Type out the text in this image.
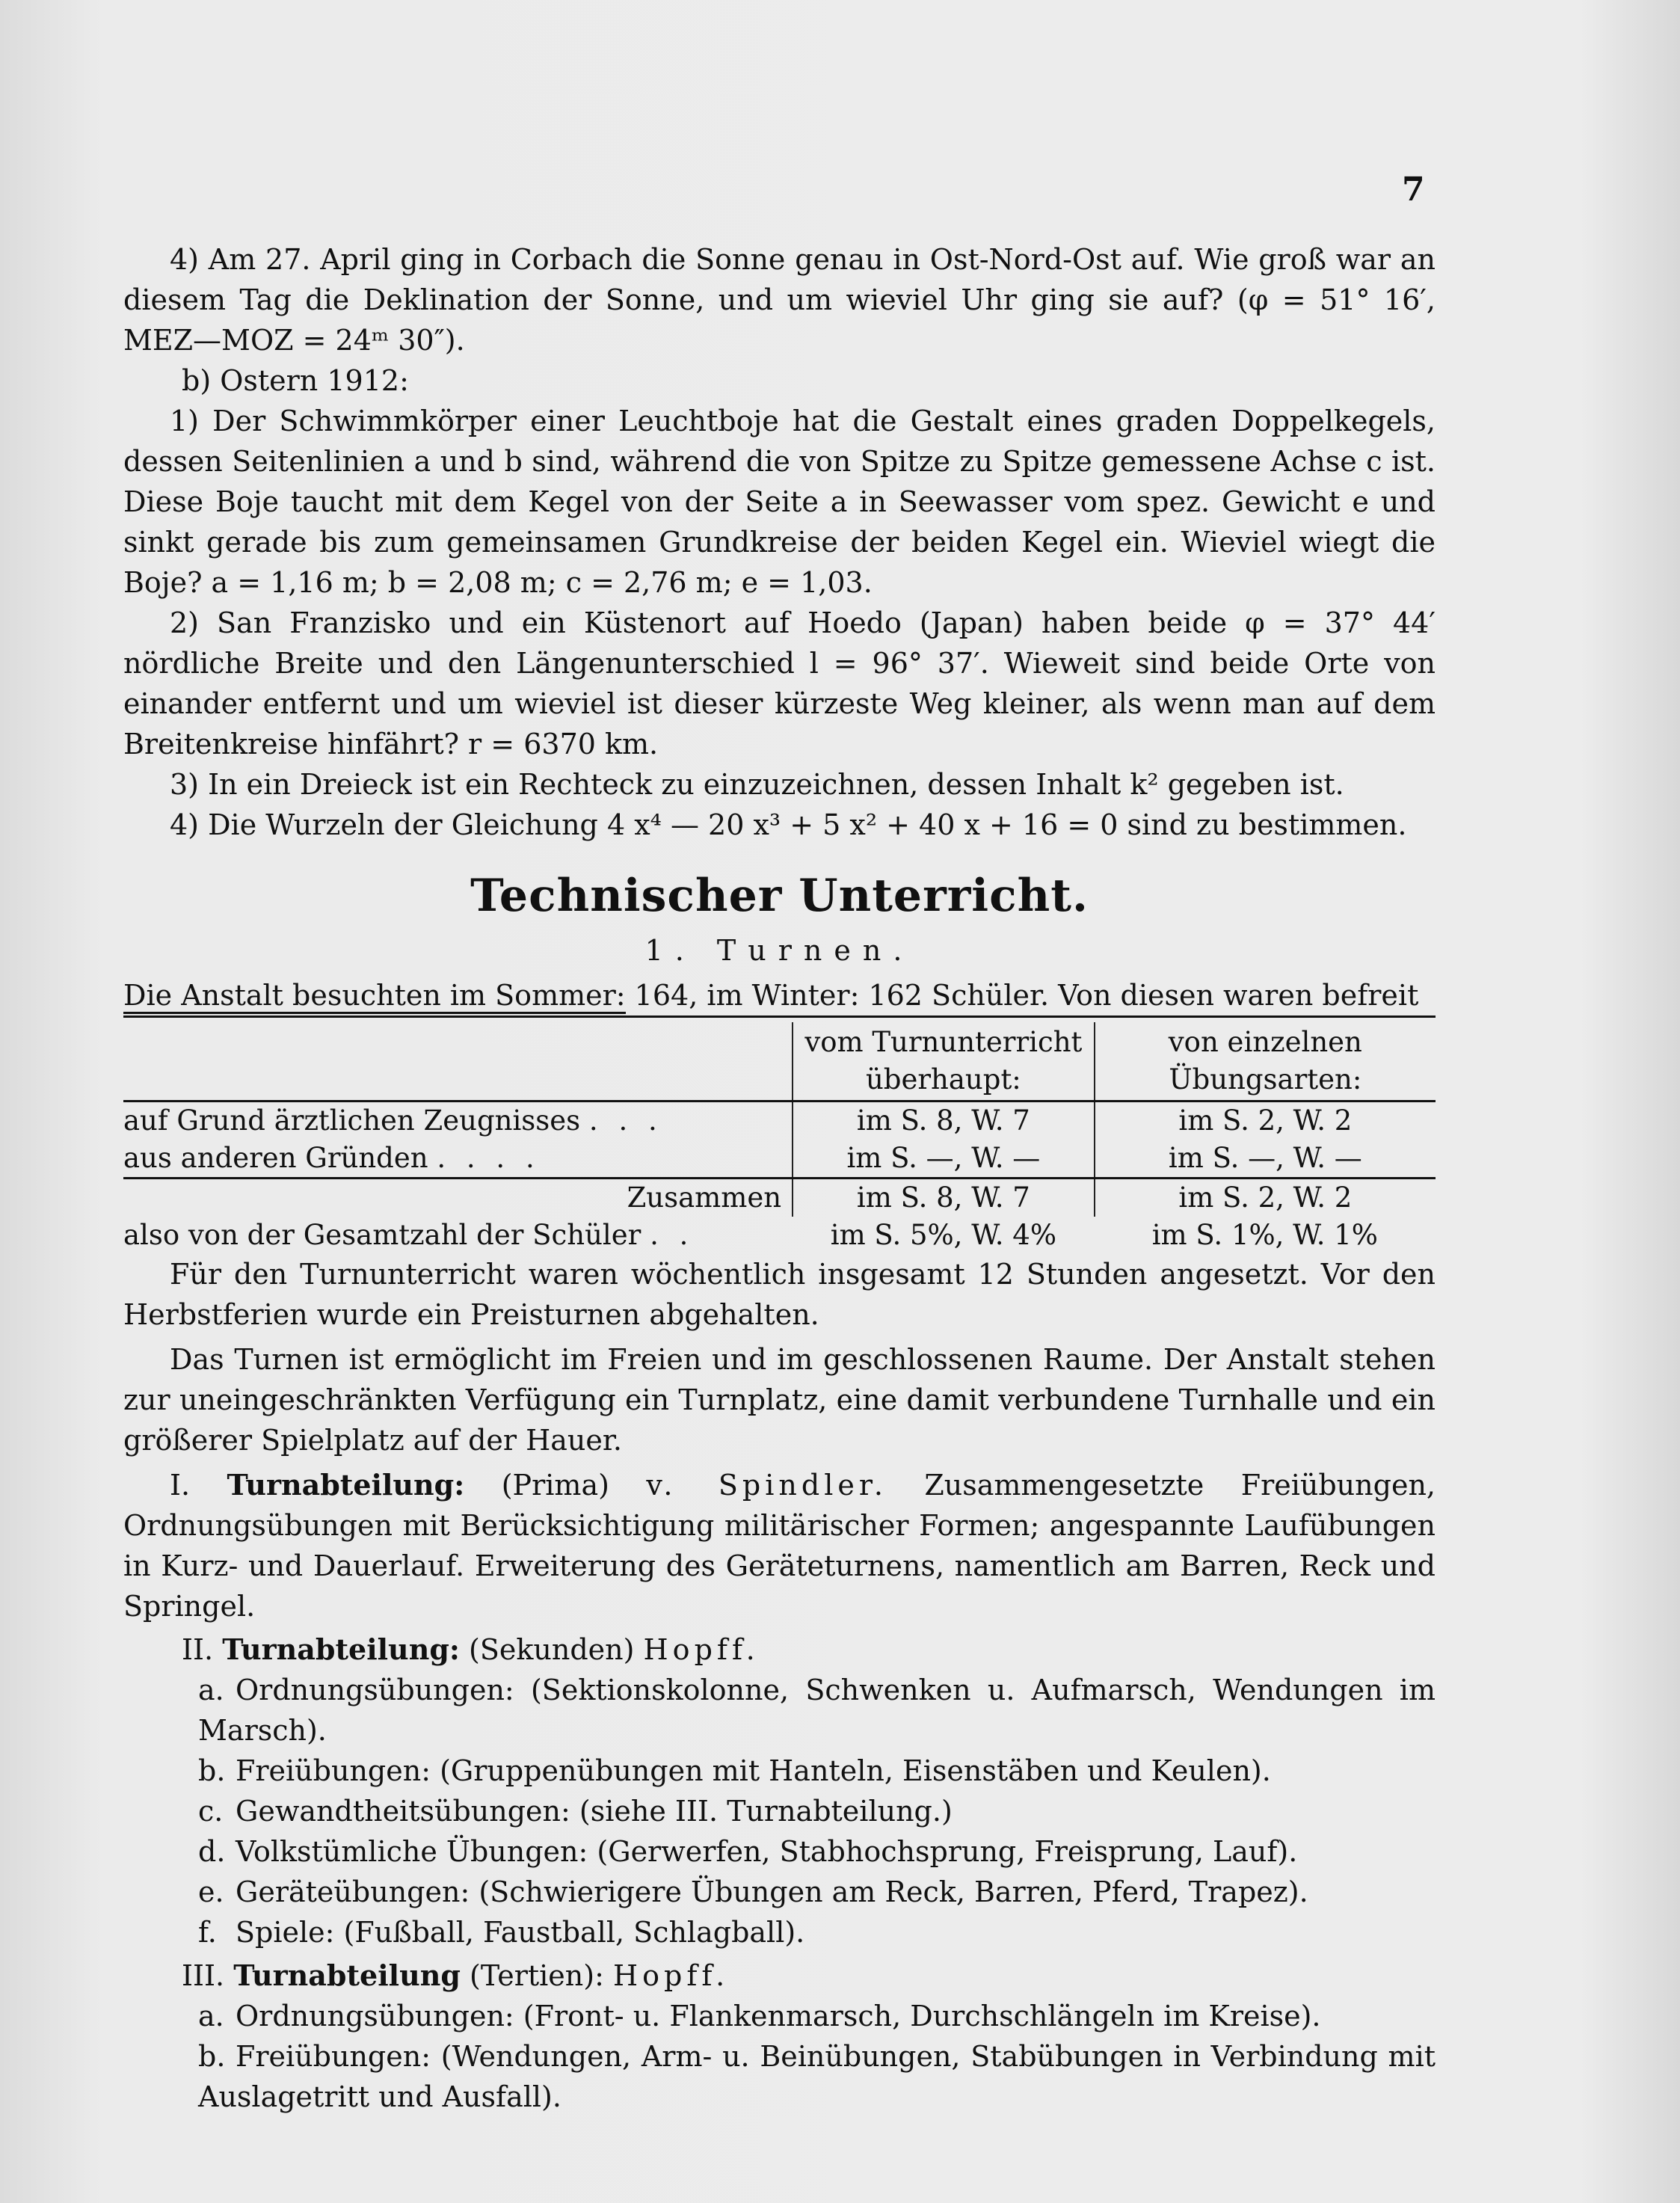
7

4) Am 27. April ging in Corbach die Sonne genau in Ost-Nord-Ost auf. Wie groß war an diesem Tag die Deklination der Sonne, und um wieviel Uhr ging sie auf? (φ = 51° 16′, MEZ—MOZ = 24ᵐ 30″).

b) Ostern 1912:

1) Der Schwimmkörper einer Leuchtboje hat die Gestalt eines graden Doppelkegels, dessen Seitenlinien a und b sind, während die von Spitze zu Spitze gemessene Achse c ist. Diese Boje taucht mit dem Kegel von der Seite a in Seewasser vom spez. Gewicht e und sinkt gerade bis zum gemeinsamen Grundkreise der beiden Kegel ein. Wieviel wiegt die Boje? a = 1,16 m; b = 2,08 m; c = 2,76 m; e = 1,03.

2) San Franzisko und ein Küstenort auf Hoedo (Japan) haben beide φ = 37° 44′ nördliche Breite und den Längenunterschied l = 96° 37′. Wieweit sind beide Orte von einander entfernt und um wieviel ist dieser kürzeste Weg kleiner, als wenn man auf dem Breitenkreise hinfährt? r = 6370 km.

3) In ein Dreieck ist ein Rechteck zu einzuzeichnen, dessen Inhalt k² gegeben ist.

4) Die Wurzeln der Gleichung 4 x⁴ — 20 x³ + 5 x² + 40 x + 16 = 0 sind zu bestimmen.

Technischer Unterricht.

1. Turnen.

Die Anstalt besuchten im Sommer: 164, im Winter: 162 Schüler. Von diesen waren befreit

	vom Turnunterricht überhaupt:	von einzelnen Übungsarten:
auf Grund ärztlichen Zeugnisses . . .	im S. 8, W. 7	im S. 2, W. 2
aus anderen Gründen . . . .	im S. —, W. —	im S. —, W. —
Zusammen	im S. 8, W. 7	im S. 2, W. 2
also von der Gesamtzahl der Schüler . .	im S. 5%, W. 4%	im S. 1%, W. 1%

Für den Turnunterricht waren wöchentlich insgesamt 12 Stunden angesetzt. Vor den Herbstferien wurde ein Preisturnen abgehalten.

Das Turnen ist ermöglicht im Freien und im geschlossenen Raume. Der Anstalt stehen zur uneingeschränkten Verfügung ein Turnplatz, eine damit verbundene Turnhalle und ein größerer Spielplatz auf der Hauer.

I. Turnabteilung: (Prima) v. Spindler. Zusammengesetzte Freiübungen, Ordnungsübungen mit Berücksichtigung militärischer Formen; angespannte Laufübungen in Kurz- und Dauerlauf. Erweiterung des Geräteturnens, namentlich am Barren, Reck und Springel.

II. Turnabteilung: (Sekunden) Hopff.

a. Ordnungsübungen: (Sektionskolonne, Schwenken u. Aufmarsch, Wendungen im Marsch).

b. Freiübungen: (Gruppenübungen mit Hanteln, Eisenstäben und Keulen).

c. Gewandtheitsübungen: (siehe III. Turnabteilung.)

d. Volkstümliche Übungen: (Gerwerfen, Stabhochsprung, Freisprung, Lauf).

e. Geräteübungen: (Schwierigere Übungen am Reck, Barren, Pferd, Trapez).

f. Spiele: (Fußball, Faustball, Schlagball).

III. Turnabteilung (Tertien): Hopff.

a. Ordnungsübungen: (Front- u. Flankenmarsch, Durchschlängeln im Kreise).

b. Freiübungen: (Wendungen, Arm- u. Beinübungen, Stabübungen in Verbindung mit Auslagetritt und Ausfall).
